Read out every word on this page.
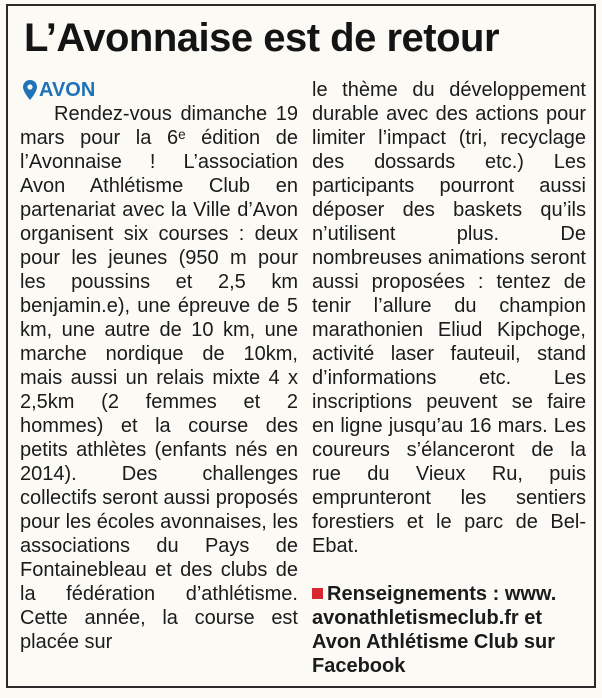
L’Avonnaise est de retour
AVON

Rendez-vous dimanche 19 mars pour la 6ᵉ édition de l’Avonnaise ! L’association Avon Athlétisme Club en partenariat avec la Ville d’Avon organisent six courses : deux pour les jeunes (950 m pour les poussins et 2,5 km benjamin.e), une épreuve de 5 km, une autre de 10 km, une marche nordique de 10km, mais aussi un relais mixte 4 x 2,5km (2 femmes et 2 hommes) et la course des petits athlètes (enfants nés en 2014). Des challenges collectifs seront aussi proposés pour les écoles avonnaises, les associations du Pays de Fontainebleau et des clubs de la fédération d’athlétisme. Cette année, la course est placée sur

le thème du développement durable avec des actions pour limiter l’impact (tri, recyclage des dossards etc.) Les participants pourront aussi déposer des baskets qu’ils n’utilisent plus. De nombreuses animations seront aussi proposées : tentez de tenir l’allure du champion marathonien Eliud Kipchoge, activité laser fauteuil, stand d’informations etc. Les inscriptions peuvent se faire en ligne jusqu’au 16 mars. Les coureurs s’élanceront de la rue du Vieux Ru, puis emprunteront les sentiers forestiers et le parc de Bel-Ebat.

Renseignements : www. avonathletismeclub.fr et Avon Athlétisme Club sur Facebook
